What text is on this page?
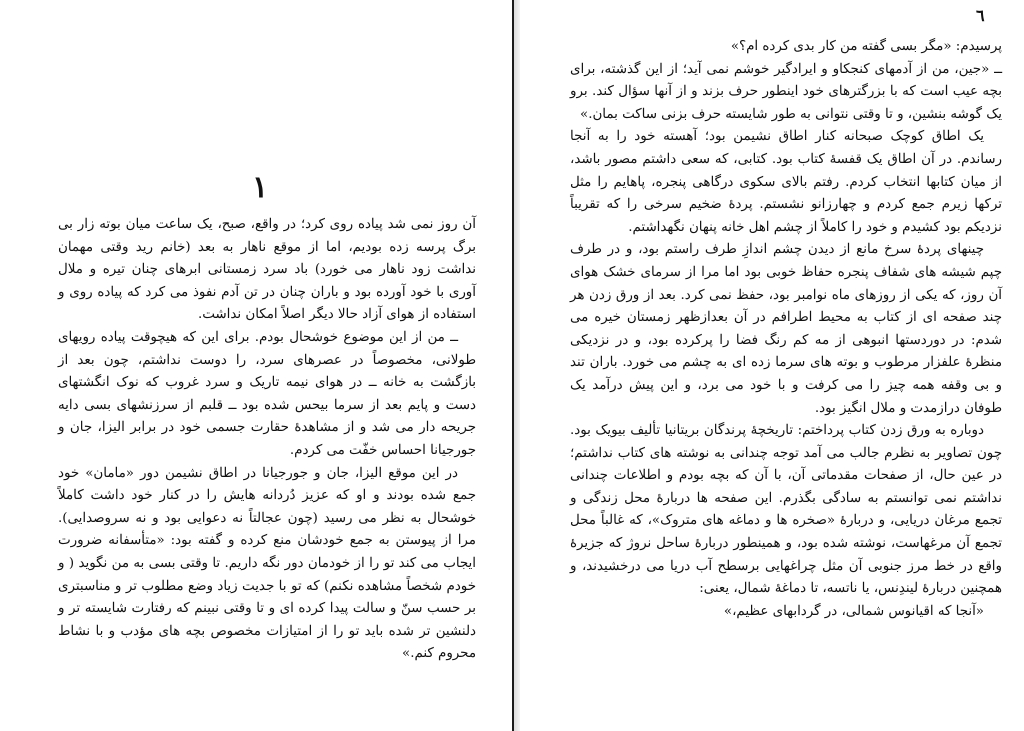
١

آن روز نمی شد پیاده روی کرد؛ در واقع، صبح، یک ساعت میان بوته زار بی برگ پرسه زده بودیم، اما از موقع ناهار به بعد (خانم رید وقتی مهمان نداشت زود ناهار می خورد) باد سرد زمستانی ابرهای چنان تیره و ملال آوری با خود آورده بود و باران چنان در تن آدم نفوذ می کرد که پیاده روی و استفاده از هوای آزاد حالا دیگر اصلاً امکان نداشت.

ــ من از این موضوع خوشحال بودم. برای این که هیچوقت پیاده رویهای طولانی، مخصوصاً در عصرهای سرد، را دوست نداشتم، چون بعد از بازگشت به خانه ــ در هوای نیمه تاریک و سرد غروب که نوک انگشتهای دست و پایم بعد از سرما بیحس شده بود ــ قلبم از سرزنشهای بسی دایه جریحه دار می شد و از مشاهدهٔ حقارت جسمی خود در برابر الیزا، جان و جورجیانا احساس خفّت می کردم.

در این موقع الیزا، جان و جورجیانا در اطاق نشیمن دور «مامان» خود جمع شده بودند و او که عزیز دُردانه هایش را در کنار خود داشت کاملاً خوشحال به نظر می رسید (چون عجالتاً نه دعوایی بود و نه سروصدایی). مرا از پیوستن به جمع خودشان منع کرده و گفته بود: «متأسفانه ضرورت ایجاب می کند تو را از خودمان دور نگه داریم. تا وقتی بسی به من نگوید ( و خودم شخصاً مشاهده نکنم) که تو با جدیت زیاد وضع مطلوب تر و مناسبتری بر حسب سنّ و سالت پیدا کرده ای و تا وقتی نبینم که رفتارت شایسته تر و دلنشین تر شده باید تو را از امتیازات مخصوص بچه های مؤدب و با نشاط محروم کنم.»

٦

پرسیدم: «مگر بسی گفته من کار بدی کرده ام؟»

ــ «جین، من از آدمهای کنجکاو و ایرادگیر خوشم نمی آید؛ از این گذشته، برای بچه عیب است که با بزرگترهای خود اینطور حرف بزند و از آنها سؤال کند. برو یک گوشه بنشین، و تا وقتی نتوانی به طور شایسته حرف بزنی ساکت بمان.»

یک اطاق کوچک صبحانه کنار اطاق نشیمن بود؛ آهسته خود را به آنجا رساندم. در آن اطاق یک قفسهٔ کتاب بود. کتابی، که سعی داشتم مصور باشد، از میان کتابها انتخاب کردم. رفتم بالای سکوی درگاهی پنجره، پاهایم را مثل ترکها زیرم جمع کردم و چهارزانو نشستم. پردهٔ ضخیم سرخی را که تقریباً نزدیکم بود کشیدم و خود را کاملاً از چشم اهل خانه پنهان نگهداشتم.

چینهای پردهٔ سرخ مانع از دیدن چشم اندازِ طرف راستم بود، و در طرف چپم شیشه های شفاف پنجره حفاظ خوبی بود اما مرا از سرمای خشک هوای آن روز، که یکی از روزهای ماه نوامبر بود، حفظ نمی کرد. بعد از ورق زدن هر چند صفحه ای از کتاب به محیط اطرافم در آن بعدازظهر زمستان خیره می شدم: در دوردستها انبوهی از مه کم رنگ فضا را پرکرده بود، و در نزدیکی منظرهٔ علفزار مرطوب و بوته های سرما زده ای به چشم می خورد. باران تند و بی وقفه همه چیز را می کرفت و با خود می برد، و این پیش درآمد یک طوفان درازمدت و ملال انگیز بود.

دوباره به ورق زدن کتاب پرداختم: تاریخچهٔ پرندگان بریتانیا تألیف بیویک بود. چون تصاویر به نظرم جالب می آمد توجه چندانی به نوشته های کتاب نداشتم؛ در عین حال، از صفحات مقدماتی آن، با آن که بچه بودم و اطلاعات چندانی نداشتم نمی توانستم به سادگی بگذرم. این صفحه ها دربارهٔ محل زندگی و تجمع مرغان دریایی، و دربارهٔ «صخره ها و دماغه های متروک»، که غالباً محل تجمع آن مرغهاست، نوشته شده بود، و همینطور دربارهٔ ساحل نروژ که جزیرهٔ واقع در خط مرز جنوبی آن مثل چراغهایی برسطح آب دریا می درخشیدند، و همچنین دربارهٔ لیندِنس، یا ناتسه، تا دماغهٔ شمال، یعنی:

«آنجا که اقیانوس شمالی، در گردابهای عظیم،»
